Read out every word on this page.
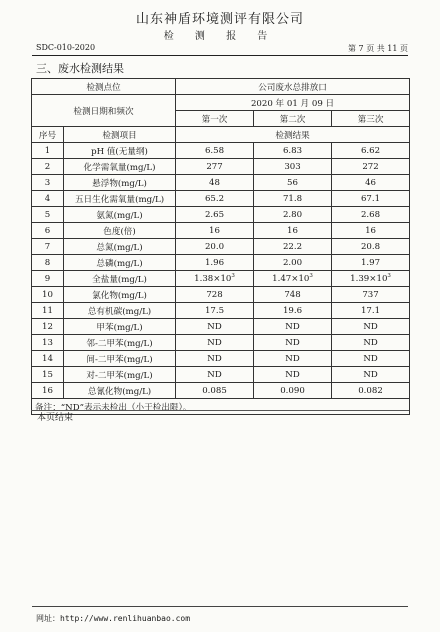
山东神盾环境测评有限公司
检 测 报 告
SDC-010-2020	第 7 页 共 11 页
三、废水检测结果
检测点位		公司废水总排放口		
检测日期和频次		2020 年 01 月 09 日		
		第一次	第二次	第三次
序号	检测项目	检测结果		
1	pH 值(无量纲)	6.58	6.83	6.62
2	化学需氧量(mg/L)	277	303	272
3	悬浮物(mg/L)	48	56	46
4	五日生化需氧量(mg/L)	65.2	71.8	67.1
5	氨氮(mg/L)	2.65	2.80	2.68
6	色度(倍)	16	16	16
7	总氮(mg/L)	20.0	22.2	20.8
8	总磷(mg/L)	1.96	2.00	1.97
9	全盐量(mg/L)	$1.38\times 10^3$	$1.47\times 10^3$	$1.39\times 10^3$
10	氯化物(mg/L)	728	748	737
11	总有机碳(mg/L)	17.5	19.6	17.1
12	甲苯(mg/L)	ND	ND	ND
13	邻-二甲苯(mg/L)	ND	ND	ND
14	间-二甲苯(mg/L)	ND	ND	ND
15	对-二甲苯(mg/L)	ND	ND	ND
16	总氰化物(mg/L)	0.085	0.090	0.082
备注：“ND”表示未检出（小于检出限）。				
本页结束
网址：http://www.renlihuanbao.com
